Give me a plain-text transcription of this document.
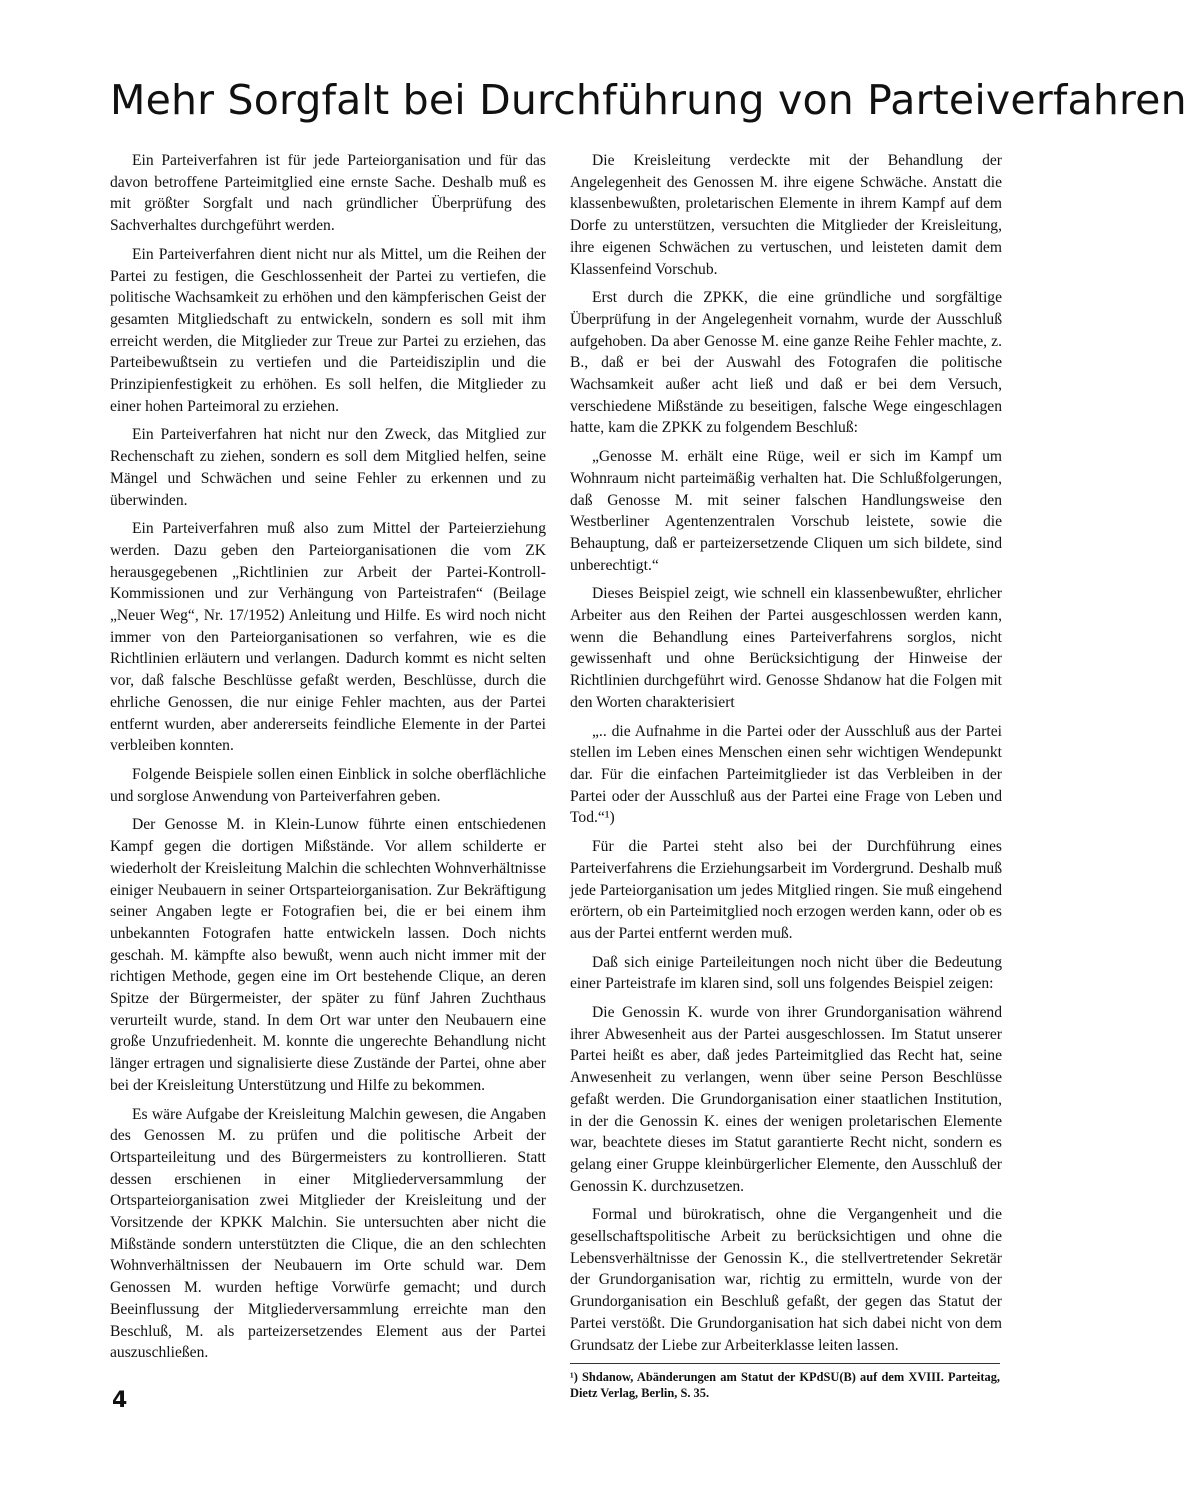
Mehr Sorgfalt bei Durchführung von Parteiverfahren

Ein Parteiverfahren ist für jede Parteiorganisation und für das davon betroffene Parteimitglied eine ernste Sache. Deshalb muß es mit größter Sorgfalt und nach gründlicher Überprüfung des Sachverhaltes durchgeführt werden.

Ein Parteiverfahren dient nicht nur als Mittel, um die Reihen der Partei zu festigen, die Geschlossenheit der Partei zu vertiefen, die politische Wachsamkeit zu erhöhen und den kämpferischen Geist der gesamten Mitgliedschaft zu entwickeln, sondern es soll mit ihm erreicht werden, die Mitglieder zur Treue zur Partei zu erziehen, das Parteibewußtsein zu vertiefen und die Parteidisziplin und die Prinzipienfestigkeit zu erhöhen. Es soll helfen, die Mitglieder zu einer hohen Parteimoral zu erziehen.

Ein Parteiverfahren hat nicht nur den Zweck, das Mitglied zur Rechenschaft zu ziehen, sondern es soll dem Mitglied helfen, seine Mängel und Schwächen und seine Fehler zu erkennen und zu überwinden.

Ein Parteiverfahren muß also zum Mittel der Parteierziehung werden. Dazu geben den Parteiorganisationen die vom ZK herausgegebenen „Richtlinien zur Arbeit der Partei-Kontroll-Kommissionen und zur Verhängung von Parteistrafen“ (Beilage „Neuer Weg“, Nr. 17/1952) Anleitung und Hilfe. Es wird noch nicht immer von den Parteiorganisationen so verfahren, wie es die Richtlinien erläutern und verlangen. Dadurch kommt es nicht selten vor, daß falsche Beschlüsse gefaßt werden, Beschlüsse, durch die ehrliche Genossen, die nur einige Fehler machten, aus der Partei entfernt wurden, aber andererseits feindliche Elemente in der Partei verbleiben konnten.

Folgende Beispiele sollen einen Einblick in solche oberflächliche und sorglose Anwendung von Parteiverfahren geben.

Der Genosse M. in Klein-Lunow führte einen entschiedenen Kampf gegen die dortigen Mißstände. Vor allem schilderte er wiederholt der Kreisleitung Malchin die schlechten Wohnverhältnisse einiger Neubauern in seiner Ortsparteiorganisation. Zur Bekräftigung seiner Angaben legte er Fotografien bei, die er bei einem ihm unbekannten Fotografen hatte entwickeln lassen. Doch nichts geschah. M. kämpfte also bewußt, wenn auch nicht immer mit der richtigen Methode, gegen eine im Ort bestehende Clique, an deren Spitze der Bürgermeister, der später zu fünf Jahren Zuchthaus verurteilt wurde, stand. In dem Ort war unter den Neubauern eine große Unzufriedenheit. M. konnte die ungerechte Behandlung nicht länger ertragen und signalisierte diese Zustände der Partei, ohne aber bei der Kreisleitung Unterstützung und Hilfe zu bekommen.

Es wäre Aufgabe der Kreisleitung Malchin gewesen, die Angaben des Genossen M. zu prüfen und die politische Arbeit der Ortsparteileitung und des Bürgermeisters zu kontrollieren. Statt dessen erschienen in einer Mitgliederversammlung der Ortsparteiorganisation zwei Mitglieder der Kreisleitung und der Vorsitzende der KPKK Malchin. Sie untersuchten aber nicht die Mißstände sondern unterstützten die Clique, die an den schlechten Wohnverhältnissen der Neubauern im Orte schuld war. Dem Genossen M. wurden heftige Vorwürfe gemacht; und durch Beeinflussung der Mitgliederversammlung erreichte man den Beschluß, M. als parteizersetzendes Element aus der Partei auszuschließen.

Die Kreisleitung verdeckte mit der Behandlung der Angelegenheit des Genossen M. ihre eigene Schwäche. Anstatt die klassenbewußten, proletarischen Elemente in ihrem Kampf auf dem Dorfe zu unterstützen, versuchten die Mitglieder der Kreisleitung, ihre eigenen Schwächen zu vertuschen, und leisteten damit dem Klassenfeind Vorschub.

Erst durch die ZPKK, die eine gründliche und sorgfältige Überprüfung in der Angelegenheit vornahm, wurde der Ausschluß aufgehoben. Da aber Genosse M. eine ganze Reihe Fehler machte, z. B., daß er bei der Auswahl des Fotografen die politische Wachsamkeit außer acht ließ und daß er bei dem Versuch, verschiedene Mißstände zu beseitigen, falsche Wege eingeschlagen hatte, kam die ZPKK zu folgendem Beschluß:

„Genosse M. erhält eine Rüge, weil er sich im Kampf um Wohnraum nicht parteimäßig verhalten hat. Die Schlußfolgerungen, daß Genosse M. mit seiner falschen Handlungsweise den Westberliner Agentenzentralen Vorschub leistete, sowie die Behauptung, daß er parteizersetzende Cliquen um sich bildete, sind unberechtigt.“

Dieses Beispiel zeigt, wie schnell ein klassenbewußter, ehrlicher Arbeiter aus den Reihen der Partei ausgeschlossen werden kann, wenn die Behandlung eines Parteiverfahrens sorglos, nicht gewissenhaft und ohne Berücksichtigung der Hinweise der Richtlinien durchgeführt wird. Genosse Shdanow hat die Folgen mit den Worten charakterisiert

„.. die Aufnahme in die Partei oder der Ausschluß aus der Partei stellen im Leben eines Menschen einen sehr wichtigen Wendepunkt dar. Für die einfachen Parteimitglieder ist das Verbleiben in der Partei oder der Ausschluß aus der Partei eine Frage von Leben und Tod.“¹)

Für die Partei steht also bei der Durchführung eines Parteiverfahrens die Erziehungsarbeit im Vordergrund. Deshalb muß jede Parteiorganisation um jedes Mitglied ringen. Sie muß eingehend erörtern, ob ein Parteimitglied noch erzogen werden kann, oder ob es aus der Partei entfernt werden muß.

Daß sich einige Parteileitungen noch nicht über die Bedeutung einer Parteistrafe im klaren sind, soll uns folgendes Beispiel zeigen:

Die Genossin K. wurde von ihrer Grundorganisation während ihrer Abwesenheit aus der Partei ausgeschlossen. Im Statut unserer Partei heißt es aber, daß jedes Parteimitglied das Recht hat, seine Anwesenheit zu verlangen, wenn über seine Person Beschlüsse gefaßt werden. Die Grundorganisation einer staatlichen Institution, in der die Genossin K. eines der wenigen proletarischen Elemente war, beachtete dieses im Statut garantierte Recht nicht, sondern es gelang einer Gruppe kleinbürgerlicher Elemente, den Ausschluß der Genossin K. durchzusetzen.

Formal und bürokratisch, ohne die Vergangenheit und die gesellschaftspolitische Arbeit zu berücksichtigen und ohne die Lebensverhältnisse der Genossin K., die stellvertretender Sekretär der Grundorganisation war, richtig zu ermitteln, wurde von der Grundorganisation ein Beschluß gefaßt, der gegen das Statut der Partei verstößt. Die Grundorganisation hat sich dabei nicht von dem Grundsatz der Liebe zur Arbeiterklasse leiten lassen.

¹) Shdanow, Abänderungen am Statut der KPdSU(B) auf dem XVIII. Parteitag, Dietz Verlag, Berlin, S. 35.
4
